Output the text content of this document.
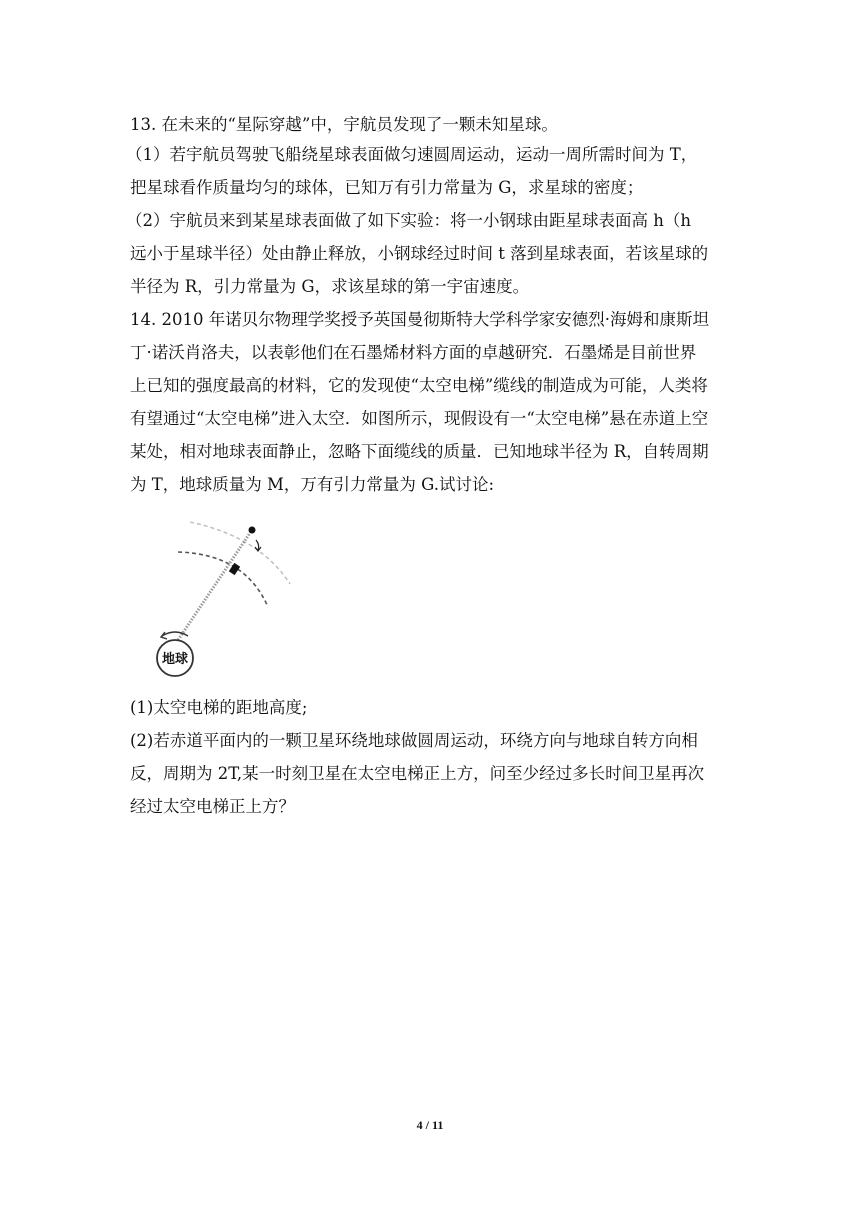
13. 在未来的“星际穿越”中，宇航员发现了一颗未知星球。
（1）若宇航员驾驶飞船绕星球表面做匀速圆周运动，运动一周所需时间为 T，
把星球看作质量均匀的球体，已知万有引力常量为 G，求星球的密度；
（2）宇航员来到某星球表面做了如下实验：将一小钢球由距星球表面高 h（h
远小于星球半径）处由静止释放，小钢球经过时间 t 落到星球表面，若该星球的
半径为 R，引力常量为 G，求该星球的第一宇宙速度。
14. 2010 年诺贝尔物理学奖授予英国曼彻斯特大学科学家安德烈·海姆和康斯坦
丁·诺沃肖洛夫，以表彰他们在石墨烯材料方面的卓越研究．石墨烯是目前世界
上已知的强度最高的材料，它的发现使“太空电梯”缆线的制造成为可能，人类将
有望通过“太空电梯”进入太空．如图所示，现假设有一“太空电梯”悬在赤道上空
某处，相对地球表面静止，忽略下面缆线的质量．已知地球半径为 R，自转周期
为 T，地球质量为 M，万有引力常量为 G.试讨论:
地球
(1)太空电梯的距地高度;
(2)若赤道平面内的一颗卫星环绕地球做圆周运动，环绕方向与地球自转方向相
反，周期为 2T,某一时刻卫星在太空电梯正上方，问至少经过多长时间卫星再次
经过太空电梯正上方？
4 / 11
